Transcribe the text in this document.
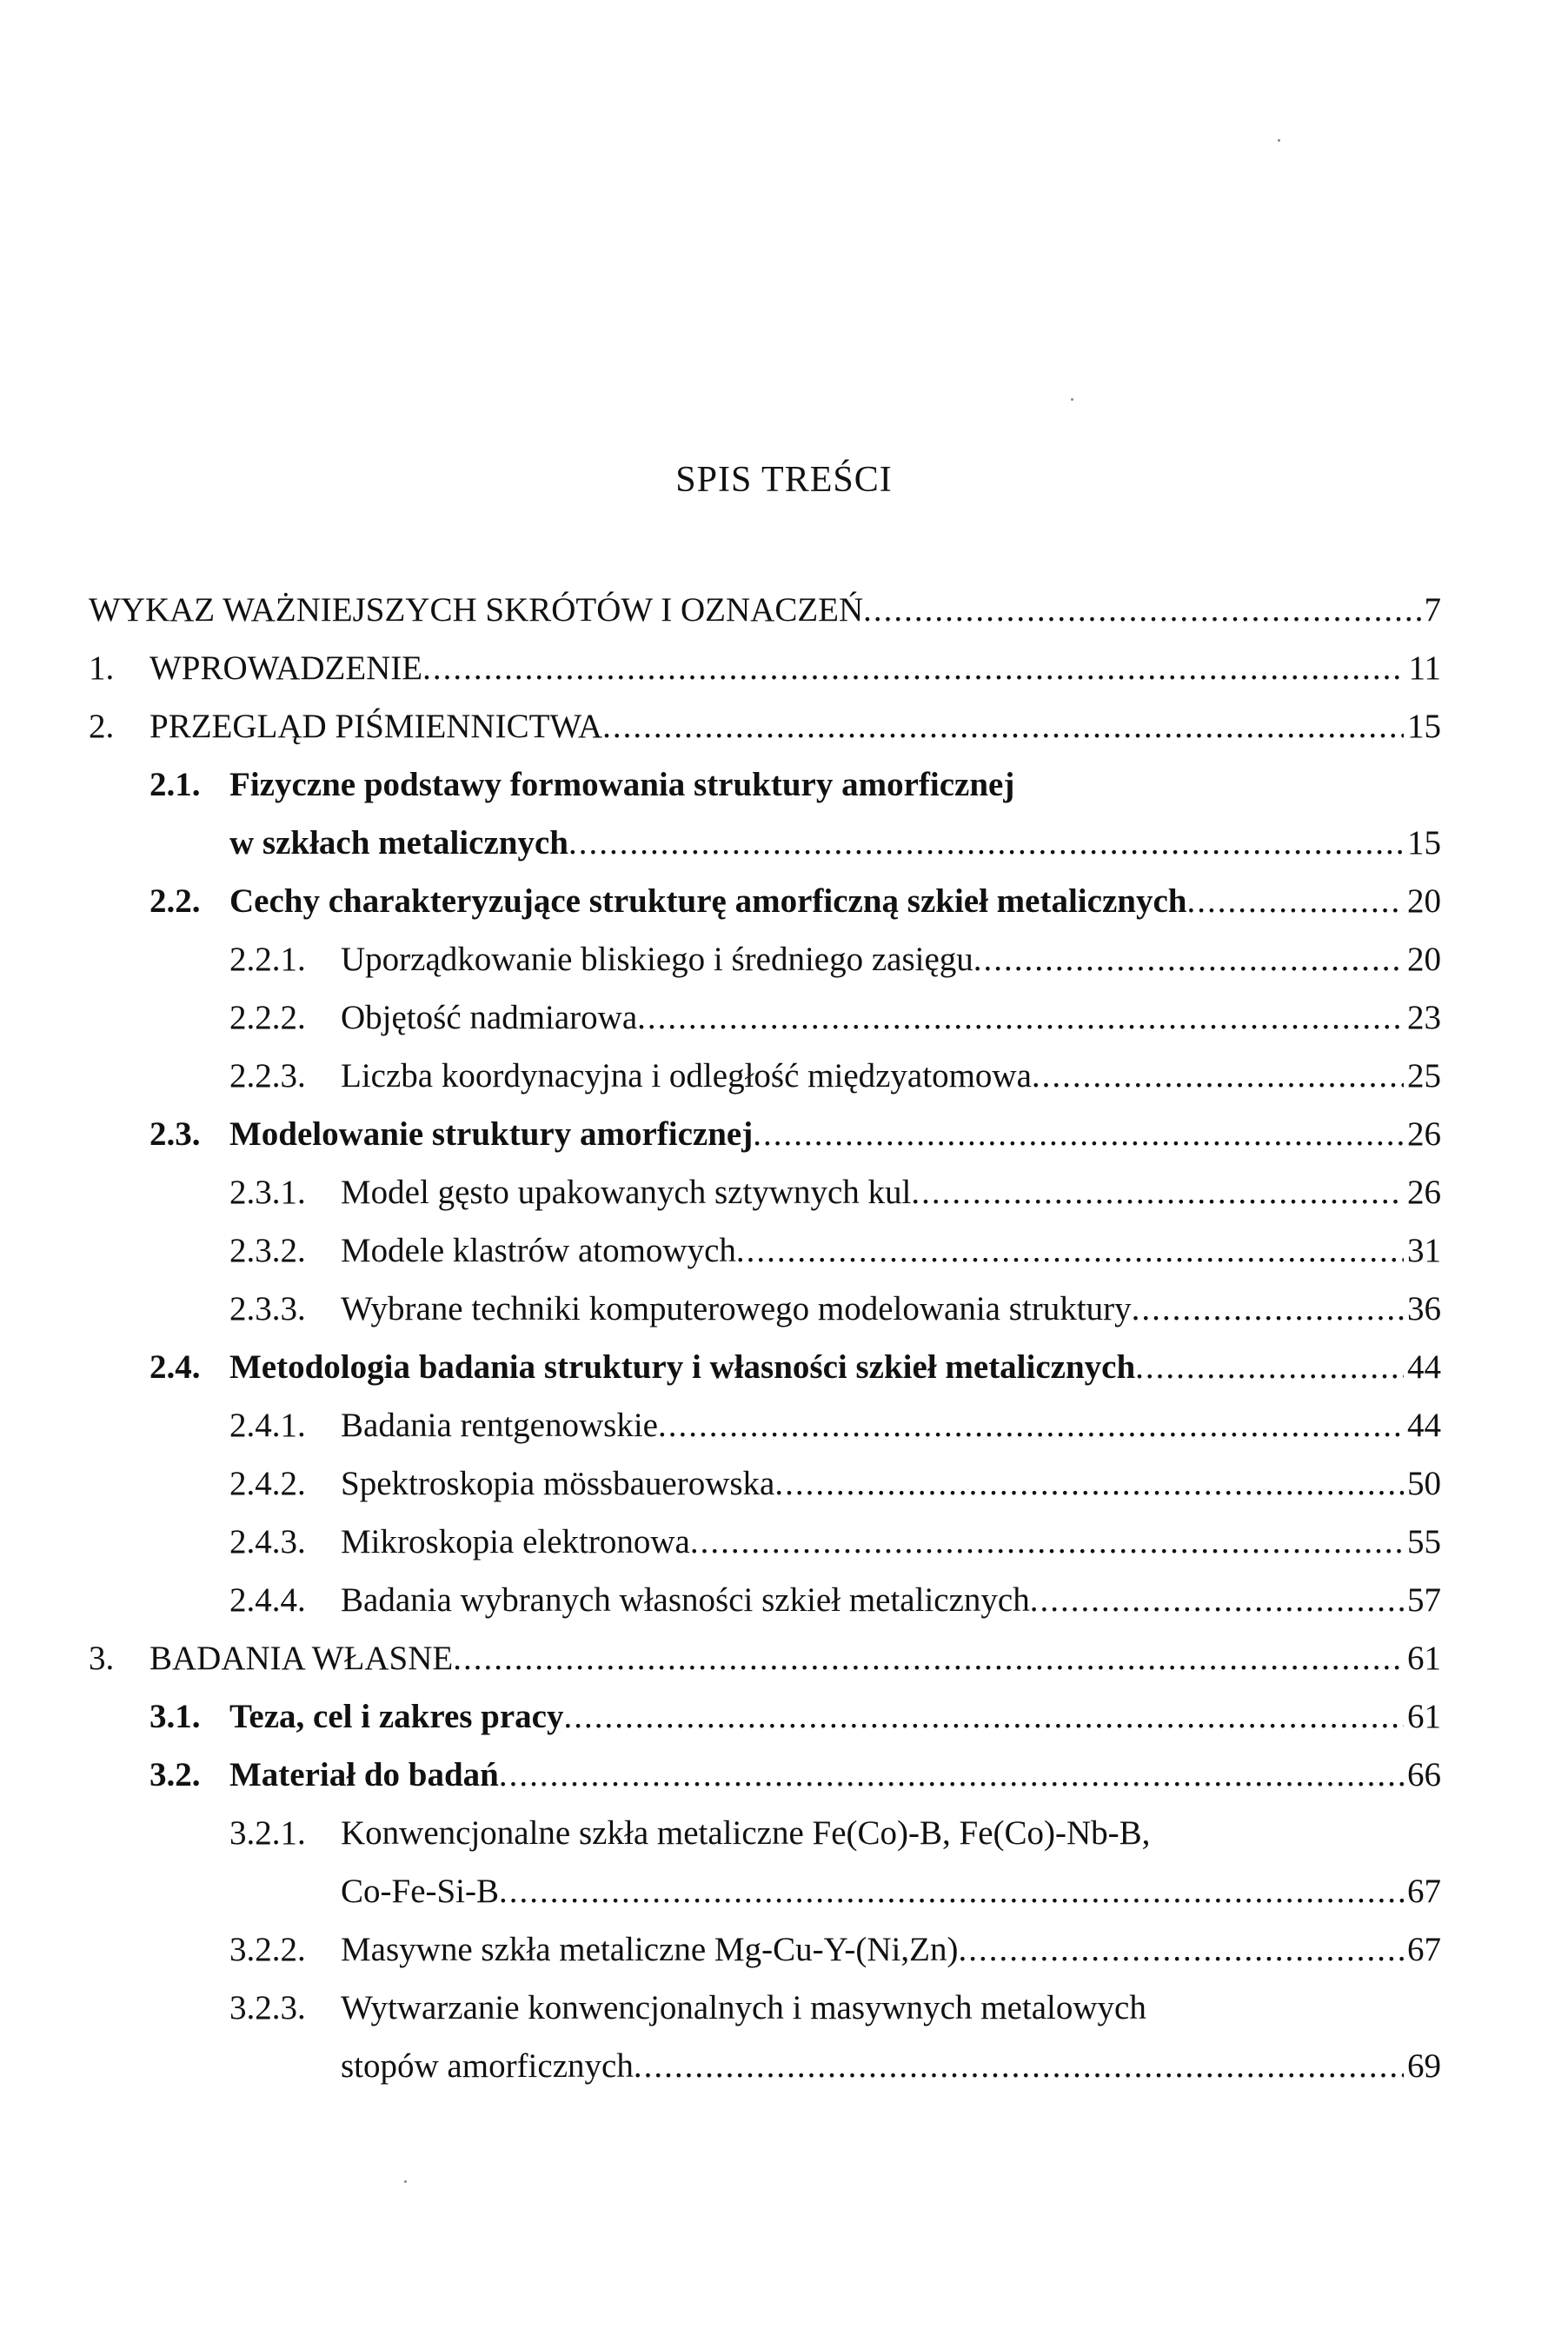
SPIS TREŚCI
WYKAZ WAŻNIEJSZYCH SKRÓTÓW I OZNACZEŃ .....	7
1. WPROWADZENIE .....	11
2. PRZEGLĄD PIŚMIENNICTWA .....	15
2.1. Fizyczne podstawy formowania struktury amorficznej
w szkłach metalicznych .....	15
2.2. Cechy charakteryzujące strukturę amorficzną szkieł metalicznych .....	20
2.2.1. Uporządkowanie bliskiego i średniego zasięgu .....	20
2.2.2. Objętość nadmiarowa .....	23
2.2.3. Liczba koordynacyjna i odległość międzyatomowa .....	25
2.3. Modelowanie struktury amorficznej .....	26
2.3.1. Model gęsto upakowanych sztywnych kul .....	26
2.3.2. Modele klastrów atomowych .....	31
2.3.3. Wybrane techniki komputerowego modelowania struktury .....	36
2.4. Metodologia badania struktury i własności szkieł metalicznych .....	44
2.4.1. Badania rentgenowskie .....	44
2.4.2. Spektroskopia mössbauerowska .....	50
2.4.3. Mikroskopia elektronowa .....	55
2.4.4. Badania wybranych własności szkieł metalicznych .....	57
3. BADANIA WŁASNE .....	61
3.1. Teza, cel i zakres pracy .....	61
3.2. Materiał do badań .....	66
3.2.1. Konwencjonalne szkła metaliczne Fe(Co)-B, Fe(Co)-Nb-B,
Co-Fe-Si-B .....	67
3.2.2. Masywne szkła metaliczne Mg-Cu-Y-(Ni,Zn) .....	67
3.2.3. Wytwarzanie konwencjonalnych i masywnych metalowych
stopów amorficznych .....	69
